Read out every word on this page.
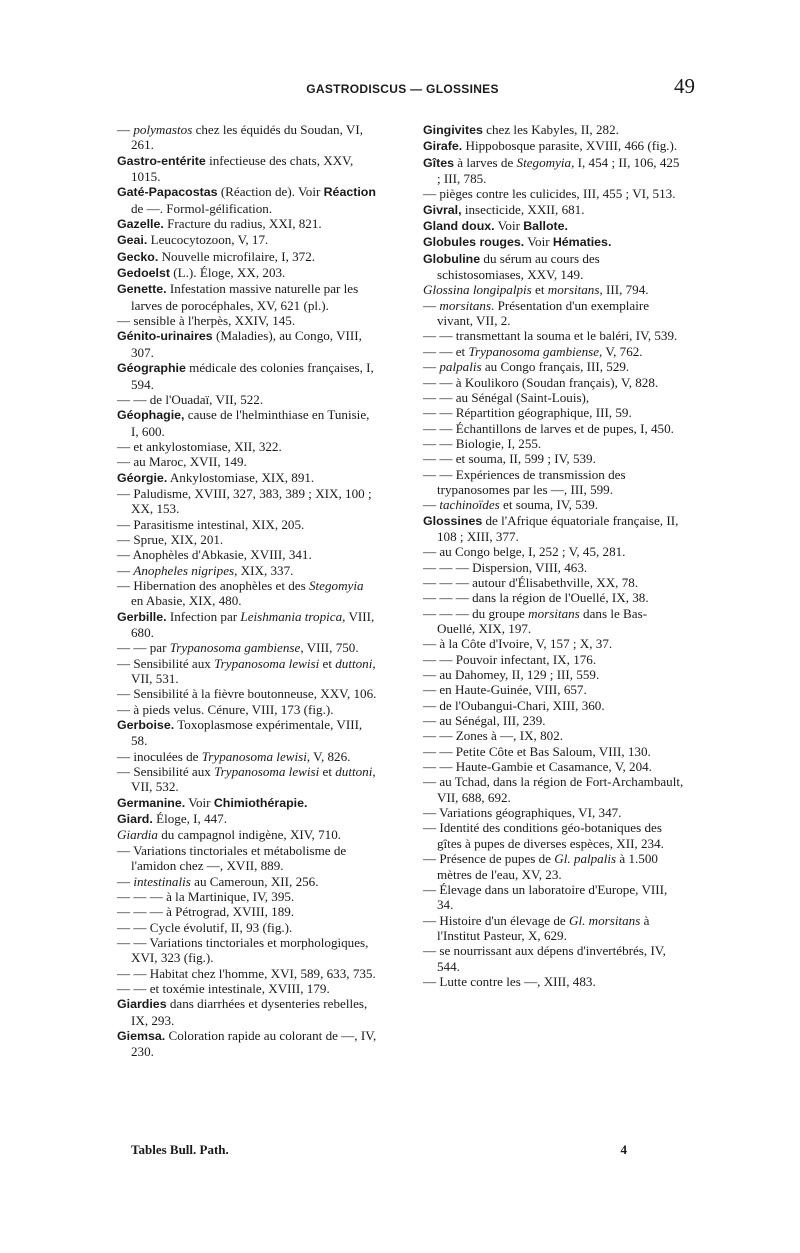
GASTRODISCUS — GLOSSINES	49
— polymastos chez les équidés du Soudan, VI, 261.
Gastro-entérite infectieuse des chats, XXV, 1015.
Gaté-Papacostas (Réaction de). Voir Réaction de —. Formol-gélification.
Gazelle. Fracture du radius, XXI, 821.
Geai. Leucocytozoon, V, 17.
Gecko. Nouvelle microfilaire, I, 372.
Gedoelst (L.). Éloge, XX, 203.
Genette. Infestation massive naturelle par les larves de porocéphales, XV, 621 (pl.).
— sensible à l'herpès, XXIV, 145.
Génito-urinaires (Maladies), au Congo, VIII, 307.
Géographie médicale des colonies françaises, I, 594.
— — de l'Ouadaï, VII, 522.
Géophagie, cause de l'helminthiase en Tunisie, I, 600.
— et ankylostomiase, XII, 322.
— au Maroc, XVII, 149.
Géorgie. Ankylostomiase, XIX, 891.
— Paludisme, XVIII, 327, 383, 389 ; XIX, 100 ; XX, 153.
— Parasitisme intestinal, XIX, 205.
— Sprue, XIX, 201.
— Anophèles d'Abkasie, XVIII, 341.
— Anopheles nigripes, XIX, 337.
— Hibernation des anophèles et des Stegomyia en Abasie, XIX, 480.
Gerbille. Infection par Leishmania tropica, VIII, 680.
— — par Trypanosoma gambiense, VIII, 750.
— Sensibilité aux Trypanosoma lewisi et duttoni, VII, 531.
— Sensibilité à la fièvre boutonneuse, XXV, 106.
— à pieds velus. Cénure, VIII, 173 (fig.).
Gerboise. Toxoplasmose expérimentale, VIII, 58.
— inoculées de Trypanosoma lewisi, V, 826.
— Sensibilité aux Trypanosoma lewisi et duttoni, VII, 532.
Germanine. Voir Chimiothérapie.
Giard. Éloge, I, 447.
Giardia du campagnol indigène, XIV, 710.
— Variations tinctoriales et métabolisme de l'amidon chez —, XVII, 889.
— intestinalis au Cameroun, XII, 256.
— — — à la Martinique, IV, 395.
— — — à Pétrograd, XVIII, 189.
— — Cycle évolutif, II, 93 (fig.).
— — Variations tinctoriales et morphologiques, XVI, 323 (fig.).
— — Habitat chez l'homme, XVI, 589, 633, 735.
— — et toxémie intestinale, XVIII, 179.
Giardies dans diarrhées et dysenteries rebelles, IX, 293.
Giemsa. Coloration rapide au colorant de —, IV, 230.
Gingivites chez les Kabyles, II, 282.
Girafe. Hippobosque parasite, XVIII, 466 (fig.).
Gîtes à larves de Stegomyia, I, 454 ; II, 106, 425 ; III, 785.
— pièges contre les culicides, III, 455 ; VI, 513.
Givral, insecticide, XXII, 681.
Gland doux. Voir Ballote.
Globules rouges. Voir Hématies.
Globuline du sérum au cours des schistosomiases, XXV, 149.
Glossina longipalpis et morsitans, III, 794.
— morsitans. Présentation d'un exemplaire vivant, VII, 2.
— — transmettant la souma et le baléri, IV, 539.
— — et Trypanosoma gambiense, V, 762.
— palpalis au Congo français, III, 529.
— — à Koulikoro (Soudan français), V, 828.
— — au Sénégal (Saint-Louis),
— — Répartition géographique, III, 59.
— — Échantillons de larves et de pupes, I, 450.
— — Biologie, I, 255.
— — et souma, II, 599 ; IV, 539.
— — Expériences de transmission des trypanosomes par les —, III, 599.
— tachinoïdes et souma, IV, 539.
Glossines de l'Afrique équatoriale française, II, 108 ; XIII, 377.
— au Congo belge, I, 252 ; V, 45, 281.
— — — Dispersion, VIII, 463.
— — — autour d'Élisabethville, XX, 78.
— — — dans la région de l'Ouellé, IX, 38.
— — — du groupe morsitans dans le Bas-Ouellé, XIX, 197.
— à la Côte d'Ivoire, V, 157 ; X, 37.
— — Pouvoir infectant, IX, 176.
— au Dahomey, II, 129 ; III, 559.
— en Haute-Guinée, VIII, 657.
— de l'Oubangui-Chari, XIII, 360.
— au Sénégal, III, 239.
— — Zones à —, IX, 802.
— — Petite Côte et Bas Saloum, VIII, 130.
— — Haute-Gambie et Casamance, V, 204.
— au Tchad, dans la région de Fort-Archambault, VII, 688, 692.
— Variations géographiques, VI, 347.
— Identité des conditions géo-botaniques des gîtes à pupes de diverses espèces, XII, 234.
— Présence de pupes de Gl. palpalis à 1.500 mètres de l'eau, XV, 23.
— Élevage dans un laboratoire d'Europe, VIII, 34.
— Histoire d'un élevage de Gl. morsitans à l'Institut Pasteur, X, 629.
— se nourrissant aux dépens d'invertébrés, IV, 544.
— Lutte contre les —, XIII, 483.
Tables Bull. Path.	4
